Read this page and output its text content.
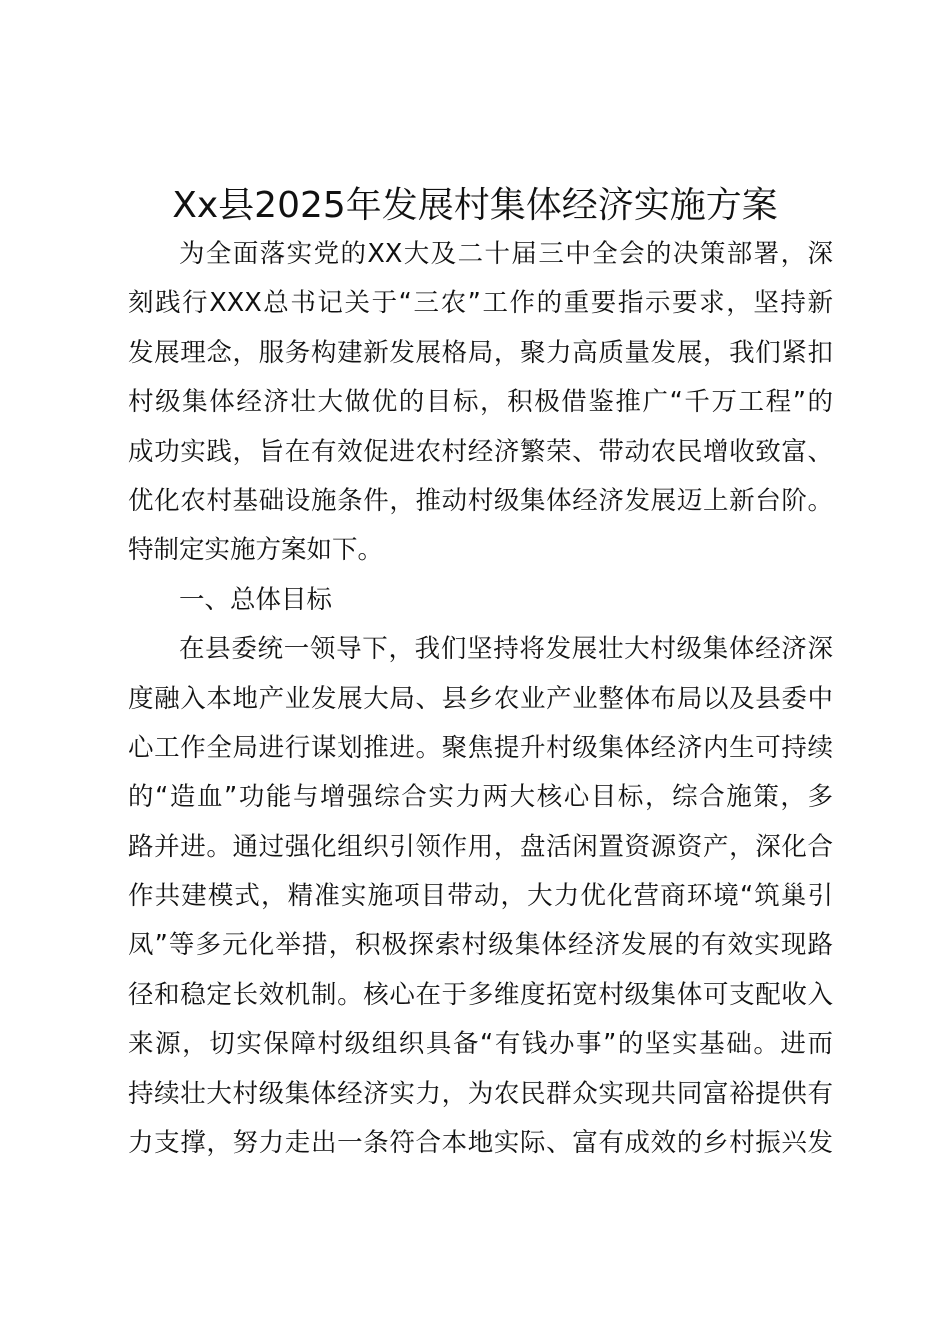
Xx县2025年发展村集体经济实施方案
为全面落实党的XX大及二十届三中全会的决策部署，深
刻践行XXX总书记关于“三农”工作的重要指示要求，坚持新
发展理念，服务构建新发展格局，聚力高质量发展，我们紧扣
村级集体经济壮大做优的目标，积极借鉴推广“千万工程”的
成功实践，旨在有效促进农村经济繁荣、带动农民增收致富、
优化农村基础设施条件，推动村级集体经济发展迈上新台阶。
特制定实施方案如下。
一、总体目标
在县委统一领导下，我们坚持将发展壮大村级集体经济深
度融入本地产业发展大局、县乡农业产业整体布局以及县委中
心工作全局进行谋划推进。聚焦提升村级集体经济内生可持续
的“造血”功能与增强综合实力两大核心目标，综合施策，多
路并进。通过强化组织引领作用，盘活闲置资源资产，深化合
作共建模式，精准实施项目带动，大力优化营商环境“筑巢引
凤”等多元化举措，积极探索村级集体经济发展的有效实现路
径和稳定长效机制。核心在于多维度拓宽村级集体可支配收入
来源，切实保障村级组织具备“有钱办事”的坚实基础。进而
持续壮大村级集体经济实力，为农民群众实现共同富裕提供有
力支撑，努力走出一条符合本地实际、富有成效的乡村振兴发
